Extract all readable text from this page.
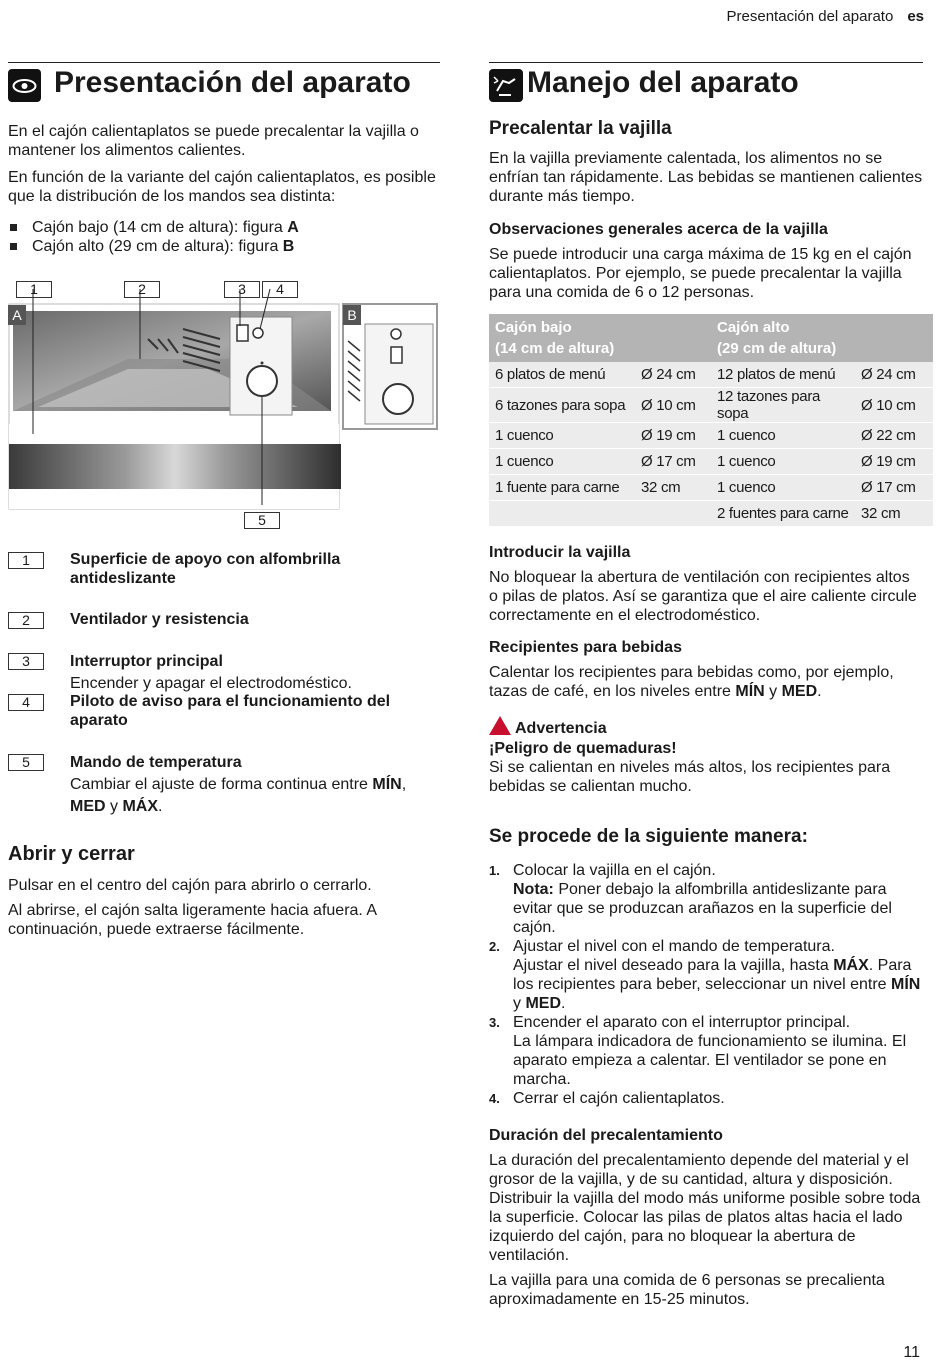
Presentación del aparato es
Presentación del aparato

En el cajón calientaplatos se puede precalentar la vajilla o mantener los alimentos calientes.

En función de la variante del cajón calientaplatos, es posible que la distribución de los mandos sea distinta:

Cajón bajo (14 cm de altura): figura A
Cajón alto (29 cm de altura): figura B
1	2	3	4
5
A	B
1	Superficie de apoyo con alfombrilla antideslizante
2	Ventilador y resistencia
3	Interruptor principal
Encender y apagar el electrodoméstico.
4	Piloto de aviso para el funcionamiento del aparato
5	Mando de temperatura
Cambiar el ajuste de forma continua entre MÍN, MED y MÁX.
Abrir y cerrar

Pulsar en el centro del cajón para abrirlo o cerrarlo.

Al abrirse, el cajón salta ligeramente hacia afuera. A continuación, puede extraerse fácilmente.

Manejo del aparato
Precalentar la vajilla

En la vajilla previamente calentada, los alimentos no se enfrían tan rápidamente. Las bebidas se mantienen calientes durante más tiempo.

Observaciones generales acerca de la vajilla

Se puede introducir una carga máxima de 15 kg en el cajón calientaplatos. Por ejemplo, se puede precalentar la vajilla para una comida de 6 o 12 personas.

Cajón bajo
(14 cm de altura)		Cajón alto
(29 cm de altura)	
6 platos de menú	Ø 24 cm	12 platos de menú	Ø 24 cm
6 tazones para sopa	Ø 10 cm	12 tazones para sopa	Ø 10 cm
1 cuenco	Ø 19 cm	1 cuenco	Ø 22 cm
1 cuenco	Ø 17 cm	1 cuenco	Ø 19 cm
1 fuente para carne	32 cm	1 cuenco	Ø 17 cm
		2 fuentes para carne	32 cm
Introducir la vajilla

No bloquear la abertura de ventilación con recipientes altos o pilas de platos. Así se garantiza que el aire caliente circule correctamente en el electrodoméstico.

Recipientes para bebidas

Calentar los recipientes para bebidas como, por ejemplo, tazas de café, en los niveles entre MÍN y MED.

Advertencia
¡Peligro de quemaduras!

Si se calientan en niveles más altos, los recipientes para bebidas se calientan mucho.

Se procede de la siguiente manera:
1. Colocar la vajilla en el cajón.
Nota: Poner debajo la alfombrilla antideslizante para evitar que se produzcan arañazos en la superficie del cajón.
2. Ajustar el nivel con el mando de temperatura.
Ajustar el nivel deseado para la vajilla, hasta MÁX. Para los recipientes para beber, seleccionar un nivel entre MÍN y MED.
3. Encender el aparato con el interruptor principal.
La lámpara indicadora de funcionamiento se ilumina. El aparato empieza a calentar. El ventilador se pone en marcha.
4. Cerrar el cajón calientaplatos.
Duración del precalentamiento

La duración del precalentamiento depende del material y el grosor de la vajilla, y de su cantidad, altura y disposición. Distribuir la vajilla del modo más uniforme posible sobre toda la superficie. Colocar las pilas de platos altas hacia el lado izquierdo del cajón, para no bloquear la abertura de ventilación.

La vajilla para una comida de 6 personas se precalienta aproximadamente en 15-25 minutos.

11
